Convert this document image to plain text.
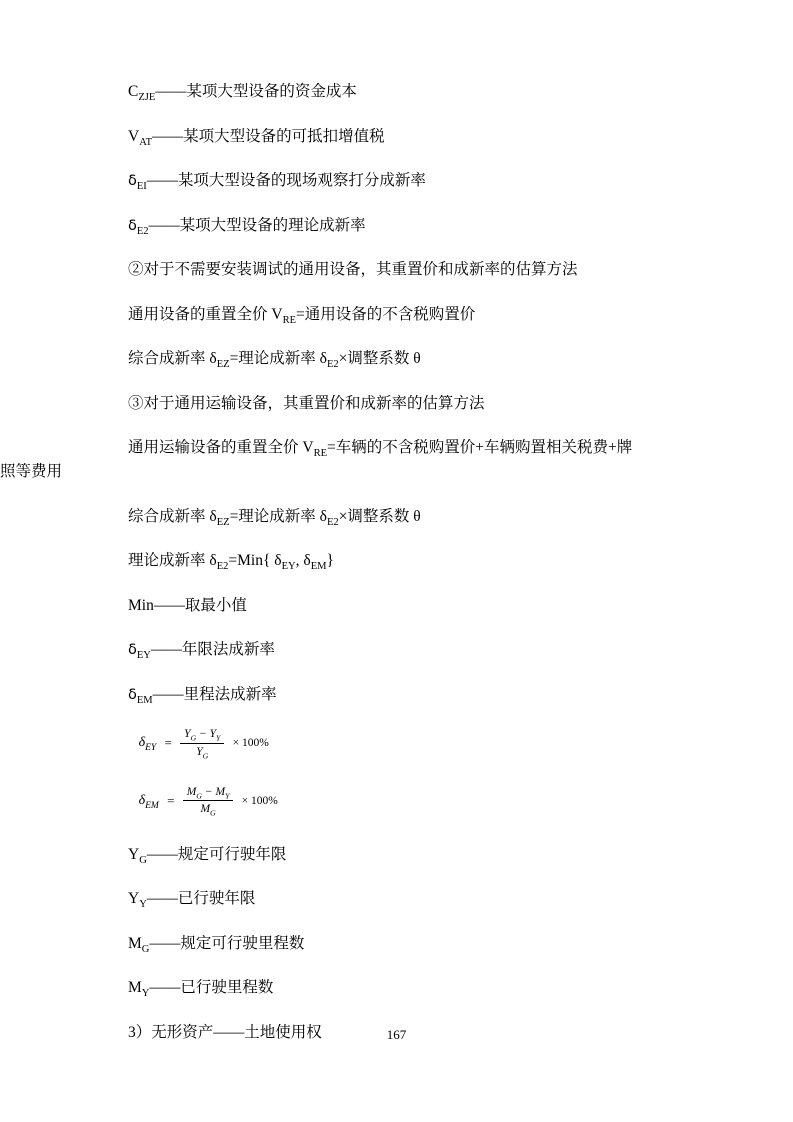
$C_{ZJE}——$某项大型设备的资金成本

$V_{AT}——$某项大型设备的可抵扣增值税

$\delta_{EI}——$某项大型设备的现场观察打分成新率

$\delta_{E2}——$某项大型设备的理论成新率

②对于不需要安装调试的通用设备，其重置价和成新率的估算方法

通用设备的重置全价 $V_{RE}=$通用设备的不含税购置价

综合成新率 $\delta_{EZ}=$理论成新率 $\delta_{E2}\times$调整系数 θ

③对于通用运输设备，其重置价和成新率的估算方法

通用运输设备的重置全价 $V_{RE}=$车辆的不含税购置价+车辆购置相关税费+牌

照等费用

综合成新率 $\delta_{EZ}=$理论成新率 $\delta_{E2}\times$调整系数 θ

理论成新率 $\delta_{E2}=Min${ $\delta_{EY}$, $\delta_{EM}$}

Min——取最小值

$\delta_{EY}——$年限法成新率

$\delta_{EM}——$里程法成新率

$\delta_{EY} = \frac{Y_G - Y_Y}{Y_G} \times 100\%$
$\delta_{EM} = \frac{M_G - M_Y}{M_G} \times 100\%$

$Y_G——$规定可行驶年限

$Y_Y——$已行驶年限

$M_G——$规定可行驶里程数

$M_Y——$已行驶里程数

3）无形资产——土地使用权	167
